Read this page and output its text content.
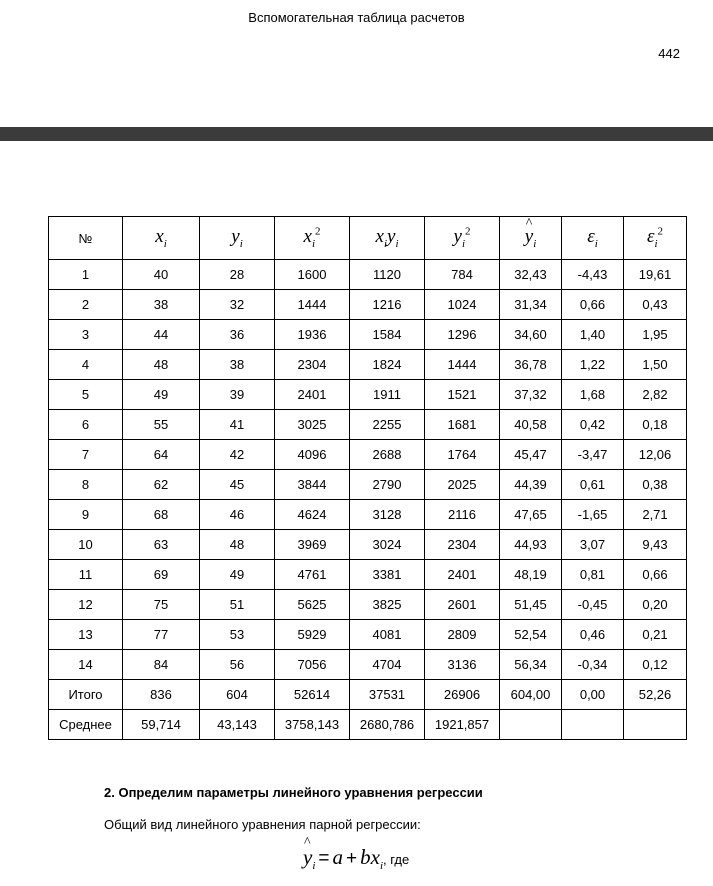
Вспомогательная таблица расчетов
442
№	$x_i$	$y_i$	$x_i^2$	$x_iy_i$	$y_i^2$	^ $y_i$	$\varepsilon_i$	$\varepsilon_i^2$
1	40	28	1600	1120	784	32,43	-4,43	19,61
2	38	32	1444	1216	1024	31,34	0,66	0,43
3	44	36	1936	1584	1296	34,60	1,40	1,95
4	48	38	2304	1824	1444	36,78	1,22	1,50
5	49	39	2401	1911	1521	37,32	1,68	2,82
6	55	41	3025	2255	1681	40,58	0,42	0,18
7	64	42	4096	2688	1764	45,47	-3,47	12,06
8	62	45	3844	2790	2025	44,39	0,61	0,38
9	68	46	4624	3128	2116	47,65	-1,65	2,71
10	63	48	3969	3024	2304	44,93	3,07	9,43
11	69	49	4761	3381	2401	48,19	0,81	0,66
12	75	51	5625	3825	2601	51,45	-0,45	0,20
13	77	53	5929	4081	2809	52,54	0,46	0,21
14	84	56	7056	4704	3136	56,34	-0,34	0,12
Итого	836	604	52614	37531	26906	604,00	0,00	52,26
Среднее	59,714	43,143	3758,143	2680,786	1921,857			
2. Определим параметры линейного уравнения регрессии
Общий вид линейного уравнения парной регрессии:
^ $y_i = a + bx_i$, где
